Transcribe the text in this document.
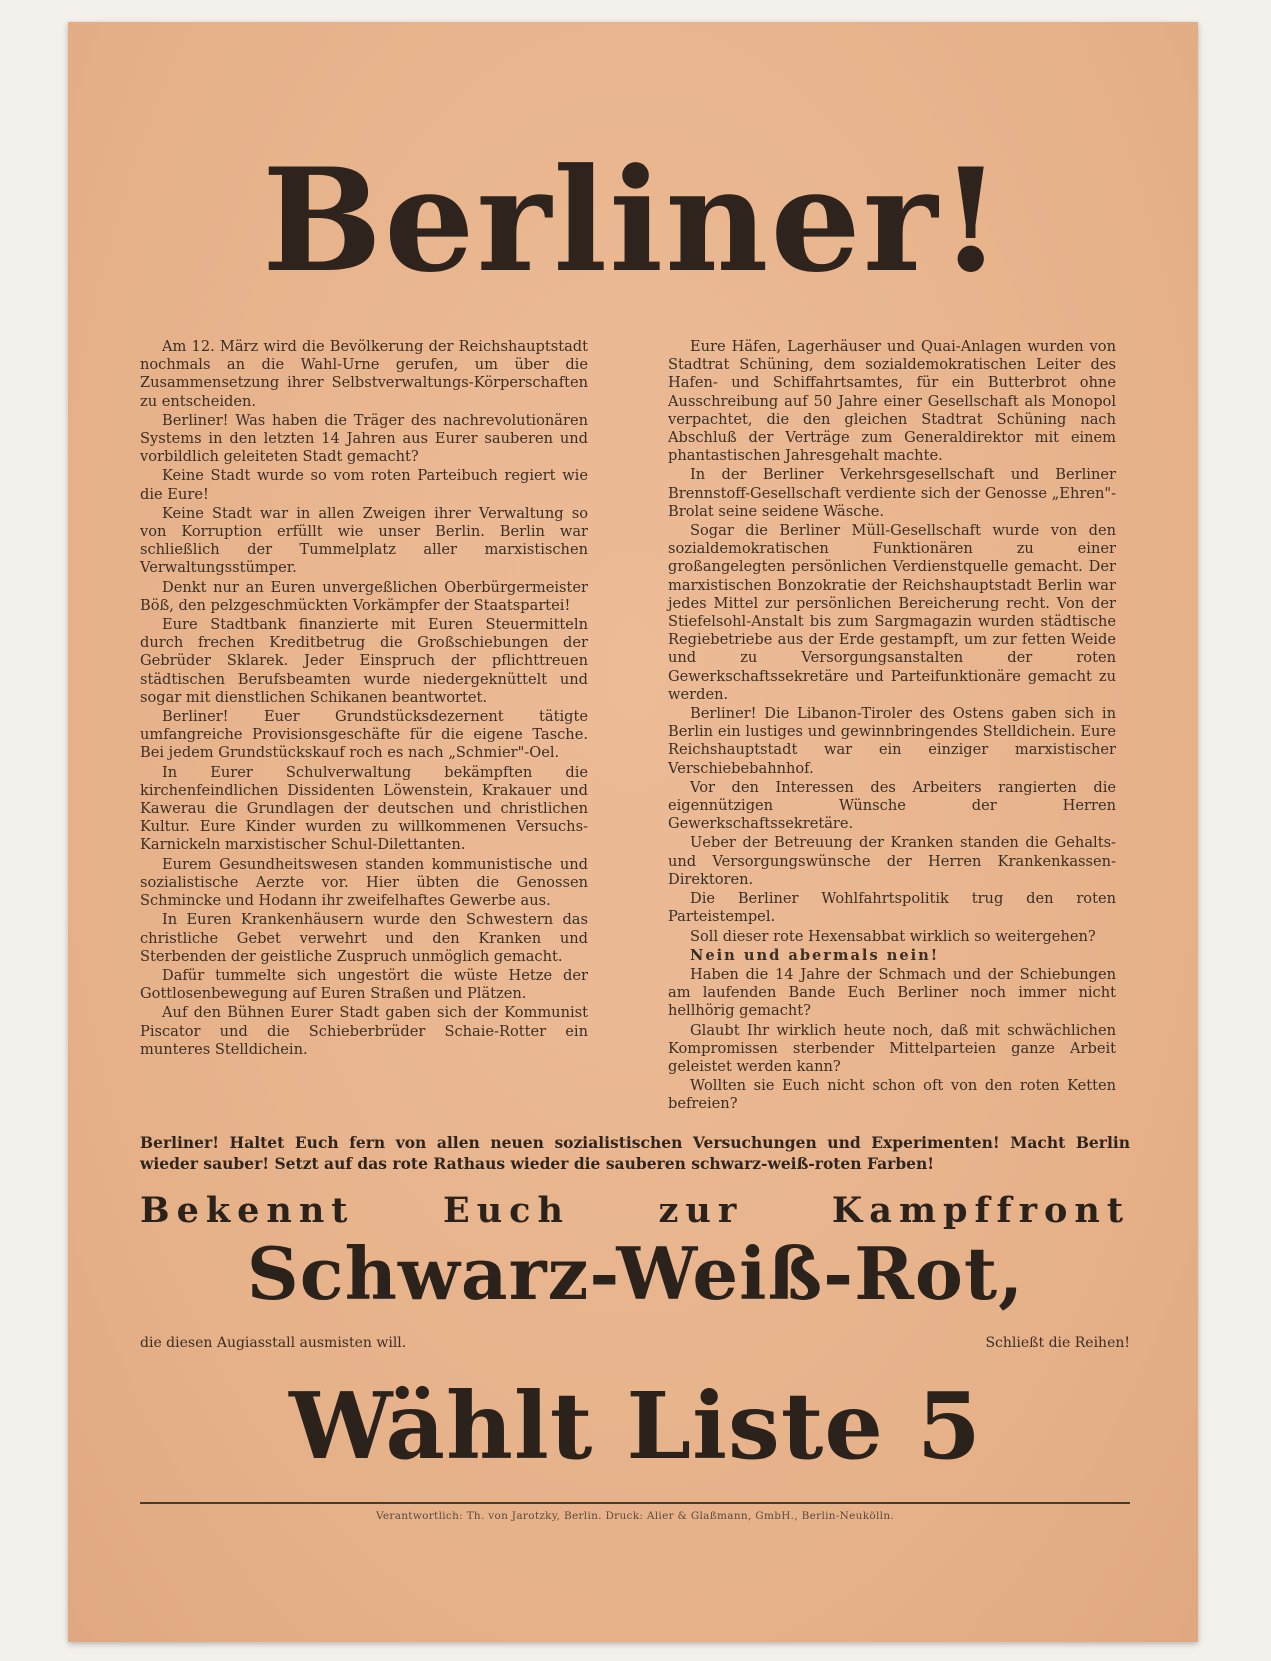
Berliner!

Am 12. März wird die Bevölkerung der Reichshauptstadt nochmals an die Wahl-Urne gerufen, um über die Zusammensetzung ihrer Selbstverwaltungs-Körperschaften zu entscheiden.

Berliner! Was haben die Träger des nachrevolutionären Systems in den letzten 14 Jahren aus Eurer sauberen und vorbildlich geleiteten Stadt gemacht?

Keine Stadt wurde so vom roten Parteibuch regiert wie die Eure!

Keine Stadt war in allen Zweigen ihrer Verwaltung so von Korruption erfüllt wie unser Berlin. Berlin war schließlich der Tummelplatz aller marxistischen Verwaltungsstümper.

Denkt nur an Euren unvergeßlichen Oberbürgermeister Böß, den pelzgeschmückten Vorkämpfer der Staatspartei!

Eure Stadtbank finanzierte mit Euren Steuermitteln durch frechen Kreditbetrug die Großschiebungen der Gebrüder Sklarek. Jeder Einspruch der pflichttreuen städtischen Berufsbeamten wurde niedergeknüttelt und sogar mit dienstlichen Schikanen beantwortet.

Berliner! Euer Grundstücksdezernent tätigte umfangreiche Provisionsgeschäfte für die eigene Tasche. Bei jedem Grundstückskauf roch es nach „Schmier"-Oel.

In Eurer Schulverwaltung bekämpften die kirchenfeindlichen Dissidenten Löwenstein, Krakauer und Kawerau die Grundlagen der deutschen und christlichen Kultur. Eure Kinder wurden zu willkommenen Versuchs-Karnickeln marxistischer Schul-Dilettanten.

Eurem Gesundheitswesen standen kommunistische und sozialistische Aerzte vor. Hier übten die Genossen Schmincke und Hodann ihr zweifelhaftes Gewerbe aus.

In Euren Krankenhäusern wurde den Schwestern das christliche Gebet verwehrt und den Kranken und Sterbenden der geistliche Zuspruch unmöglich gemacht.

Dafür tummelte sich ungestört die wüste Hetze der Gottlosenbewegung auf Euren Straßen und Plätzen.

Auf den Bühnen Eurer Stadt gaben sich der Kommunist Piscator und die Schieberbrüder Schaie-Rotter ein munteres Stelldichein.

Eure Häfen, Lagerhäuser und Quai-Anlagen wurden von Stadtrat Schüning, dem sozialdemokratischen Leiter des Hafen- und Schiffahrtsamtes, für ein Butterbrot ohne Ausschreibung auf 50 Jahre einer Gesellschaft als Monopol verpachtet, die den gleichen Stadtrat Schüning nach Abschluß der Verträge zum Generaldirektor mit einem phantastischen Jahresgehalt machte.

In der Berliner Verkehrsgesellschaft und Berliner Brennstoff-Gesellschaft verdiente sich der Genosse „Ehren"-Brolat seine seidene Wäsche.

Sogar die Berliner Müll-Gesellschaft wurde von den sozialdemokratischen Funktionären zu einer großangelegten persönlichen Verdienstquelle gemacht. Der marxistischen Bonzokratie der Reichshauptstadt Berlin war jedes Mittel zur persönlichen Bereicherung recht. Von der Stiefelsohl-Anstalt bis zum Sargmagazin wurden städtische Regiebetriebe aus der Erde gestampft, um zur fetten Weide und zu Versorgungsanstalten der roten Gewerkschaftssekretäre und Parteifunktionäre gemacht zu werden.

Berliner! Die Libanon-Tiroler des Ostens gaben sich in Berlin ein lustiges und gewinnbringendes Stelldichein. Eure Reichshauptstadt war ein einziger marxistischer Verschiebebahnhof.

Vor den Interessen des Arbeiters rangierten die eigennützigen Wünsche der Herren Gewerkschaftssekretäre.

Ueber der Betreuung der Kranken standen die Gehalts- und Versorgungswünsche der Herren Krankenkassen-Direktoren.

Die Berliner Wohlfahrtspolitik trug den roten Parteistempel.

Soll dieser rote Hexensabbat wirklich so weitergehen?

Nein und abermals nein!

Haben die 14 Jahre der Schmach und der Schiebungen am laufenden Bande Euch Berliner noch immer nicht hellhörig gemacht?

Glaubt Ihr wirklich heute noch, daß mit schwächlichen Kompromissen sterbender Mittelparteien ganze Arbeit geleistet werden kann?

Wollten sie Euch nicht schon oft von den roten Ketten befreien?

Berliner! Haltet Euch fern von allen neuen sozialistischen Versuchungen und Experimenten! Macht Berlin wieder sauber! Setzt auf das rote Rathaus wieder die sauberen schwarz-weiß-roten Farben!
Bekennt Euch zur Kampffront
Schwarz-Weiß-Rot,
die diesen Augiasstall ausmisten will.	Schließt die Reihen!
Wählt Liste 5
Verantwortlich: Th. von Jarotzky, Berlin. Druck: Alier & Glaßmann, GmbH., Berlin-Neukölln.
